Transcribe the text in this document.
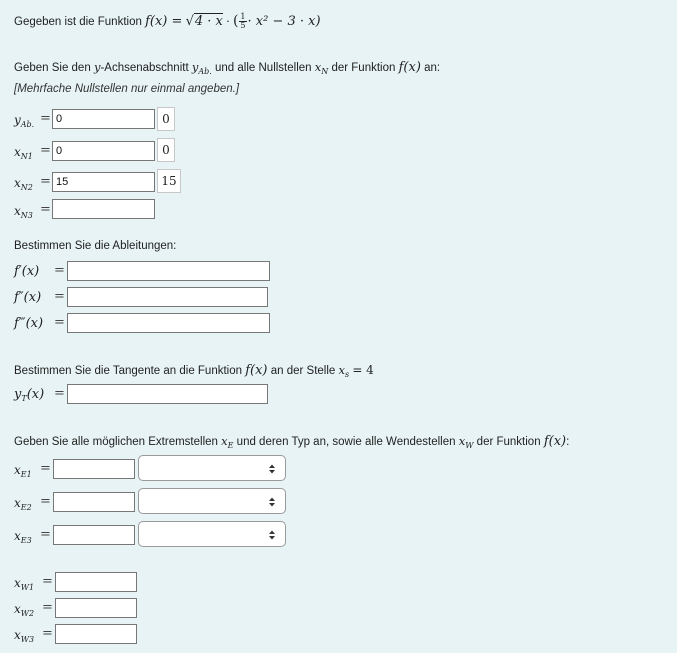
Gegeben ist die Funktion f(x) = √4 · x · ( $\frac{1}{5} \cdot x^2 - 3 \cdot x$)
Geben Sie den y-Achsenabschnitt $y_{Ab.}$ und alle Nullstellen $x_N$ der Funktion f(x) an:
[Mehrfache Nullstellen nur einmal angeben.]
$y_{Ab.}$ =
0	0
$x_{N1}$ =
0	0
$x_{N2}$ =
15	15
$x_{N3}$ =
Bestimmen Sie die Ableitungen:
f′(x) =
f″(x) =
f‴(x) =
Bestimmen Sie die Tangente an die Funktion f(x) an der Stelle $x_s = 4$
$y_T(x)$ =
Geben Sie alle möglichen Extremstellen $x_E$ und deren Typ an, sowie alle Wendestellen $x_W$ der Funktion f(x):
$x_{E1}$ =
$x_{E2}$ =
$x_{E3}$ =
$x_{W1}$ =
$x_{W2}$ =
$x_{W3}$ =
